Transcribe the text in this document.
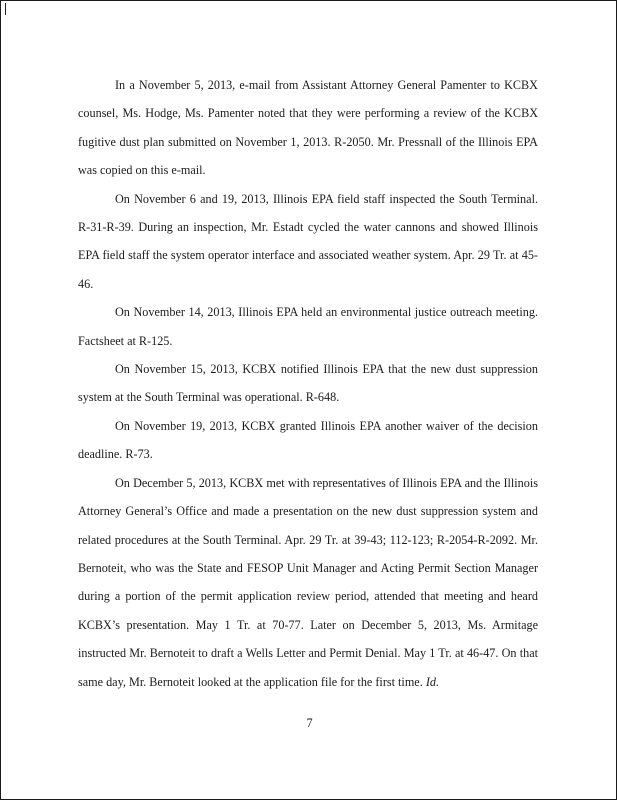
In a November 5, 2013, e-mail from Assistant Attorney General Pamenter to KCBX counsel, Ms. Hodge, Ms. Pamenter noted that they were performing a review of the KCBX fugitive dust plan submitted on November 1, 2013. R-2050. Mr. Pressnall of the Illinois EPA was copied on this e-mail.

On November 6 and 19, 2013, Illinois EPA field staff inspected the South Terminal. R-31-R-39. During an inspection, Mr. Estadt cycled the water cannons and showed Illinois EPA field staff the system operator interface and associated weather system. Apr. 29 Tr. at 45-46.

On November 14, 2013, Illinois EPA held an environmental justice outreach meeting. Factsheet at R-125.

On November 15, 2013, KCBX notified Illinois EPA that the new dust suppression system at the South Terminal was operational. R-648.

On November 19, 2013, KCBX granted Illinois EPA another waiver of the decision deadline. R-73.

On December 5, 2013, KCBX met with representatives of Illinois EPA and the Illinois Attorney General’s Office and made a presentation on the new dust suppression system and related procedures at the South Terminal. Apr. 29 Tr. at 39-43; 112-123; R-2054-R-2092. Mr. Bernoteit, who was the State and FESOP Unit Manager and Acting Permit Section Manager during a portion of the permit application review period, attended that meeting and heard KCBX’s presentation. May 1 Tr. at 70-77. Later on December 5, 2013, Ms. Armitage instructed Mr. Bernoteit to draft a Wells Letter and Permit Denial. May 1 Tr. at 46-47. On that same day, Mr. Bernoteit looked at the application file for the first time. Id.

7
